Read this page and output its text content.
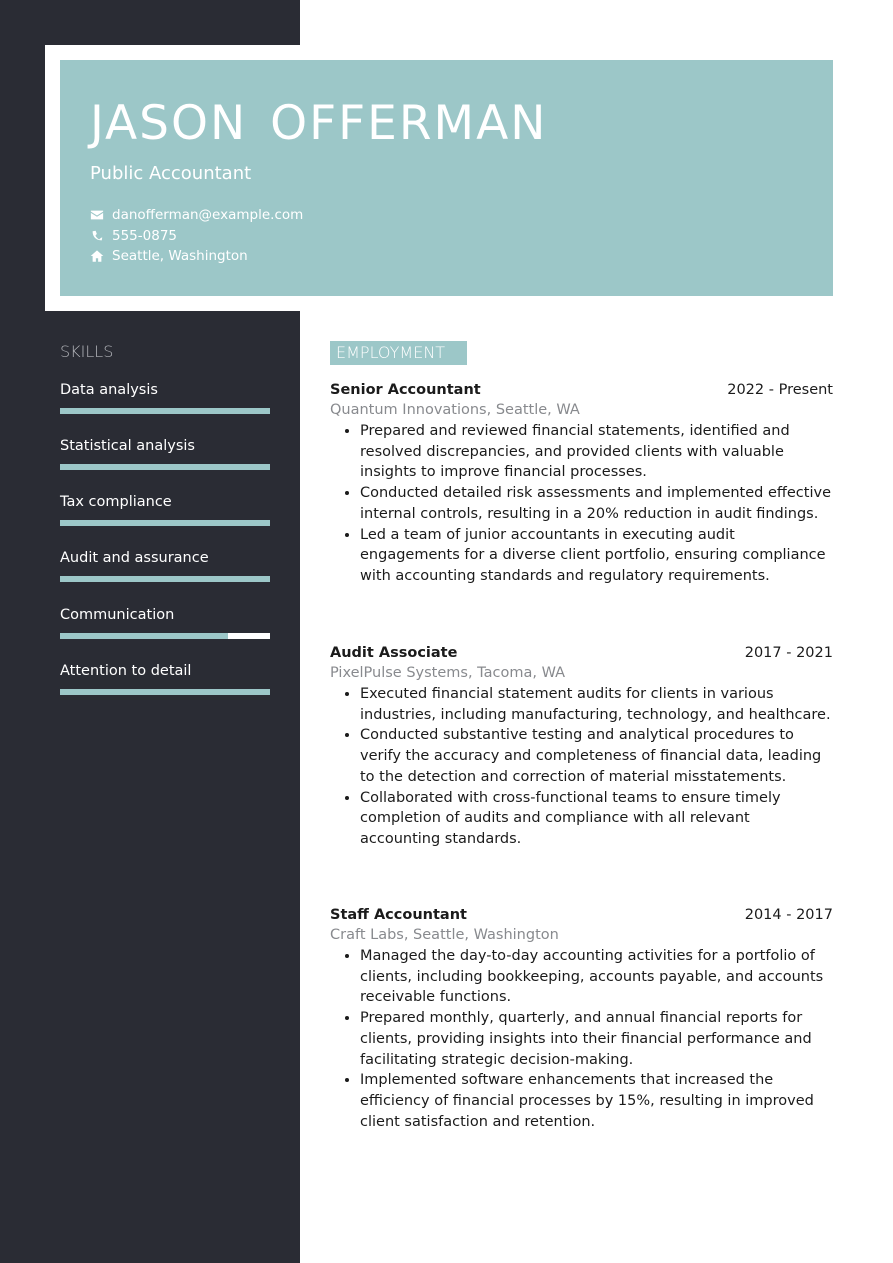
JASON OFFERMAN
Public Accountant
danofferman@example.com
555-0875
Seattle, Washington
SKILLS
Data analysis
Statistical analysis
Tax compliance
Audit and assurance
Communication
Attention to detail
EMPLOYMENT
Senior Accountant	2022 - Present
Quantum Innovations, Seattle, WA
• Prepared and reviewed financial statements, identified and resolved discrepancies, and provided clients with valuable insights to improve financial processes.
• Conducted detailed risk assessments and implemented effective internal controls, resulting in a 20% reduction in audit findings.
• Led a team of junior accountants in executing audit engagements for a diverse client portfolio, ensuring compliance with accounting standards and regulatory requirements.
Audit Associate	2017 - 2021
PixelPulse Systems, Tacoma, WA
• Executed financial statement audits for clients in various industries, including manufacturing, technology, and healthcare.
• Conducted substantive testing and analytical procedures to verify the accuracy and completeness of financial data, leading to the detection and correction of material misstatements.
• Collaborated with cross-functional teams to ensure timely completion of audits and compliance with all relevant accounting standards.
Staff Accountant	2014 - 2017
Craft Labs, Seattle, Washington
• Managed the day-to-day accounting activities for a portfolio of clients, including bookkeeping, accounts payable, and accounts receivable functions.
• Prepared monthly, quarterly, and annual financial reports for clients, providing insights into their financial performance and facilitating strategic decision-making.
• Implemented software enhancements that increased the efficiency of financial processes by 15%, resulting in improved client satisfaction and retention.
